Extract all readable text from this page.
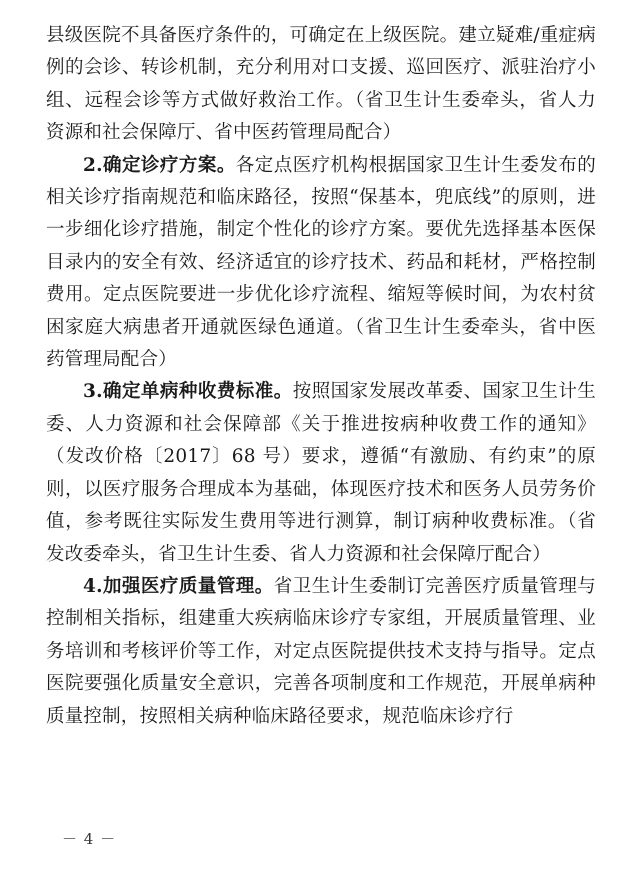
县级医院不具备医疗条件的，可确定在上级医院。建立疑难/重症病例的会诊、转诊机制，充分利用对口支援、巡回医疗、派驻治疗小组、远程会诊等方式做好救治工作。（省卫生计生委牵头，省人力资源和社会保障厅、省中医药管理局配合）

2.确定诊疗方案。各定点医疗机构根据国家卫生计生委发布的相关诊疗指南规范和临床路径，按照“保基本，兜底线”的原则，进一步细化诊疗措施，制定个性化的诊疗方案。要优先选择基本医保目录内的安全有效、经济适宜的诊疗技术、药品和耗材，严格控制费用。定点医院要进一步优化诊疗流程、缩短等候时间，为农村贫困家庭大病患者开通就医绿色通道。（省卫生计生委牵头，省中医药管理局配合）

3.确定单病种收费标准。按照国家发展改革委、国家卫生计生委、人力资源和社会保障部《关于推进按病种收费工作的通知》（发改价格〔2017〕68 号）要求，遵循“有激励、有约束”的原则，以医疗服务合理成本为基础，体现医疗技术和医务人员劳务价值，参考既往实际发生费用等进行测算，制订病种收费标准。（省发改委牵头，省卫生计生委、省人力资源和社会保障厅配合）

4.加强医疗质量管理。省卫生计生委制订完善医疗质量管理与控制相关指标，组建重大疾病临床诊疗专家组，开展质量管理、业务培训和考核评价等工作，对定点医院提供技术支持与指导。定点医院要强化质量安全意识，完善各项制度和工作规范，开展单病种质量控制，按照相关病种临床路径要求，规范临床诊疗行

－ 4 －
